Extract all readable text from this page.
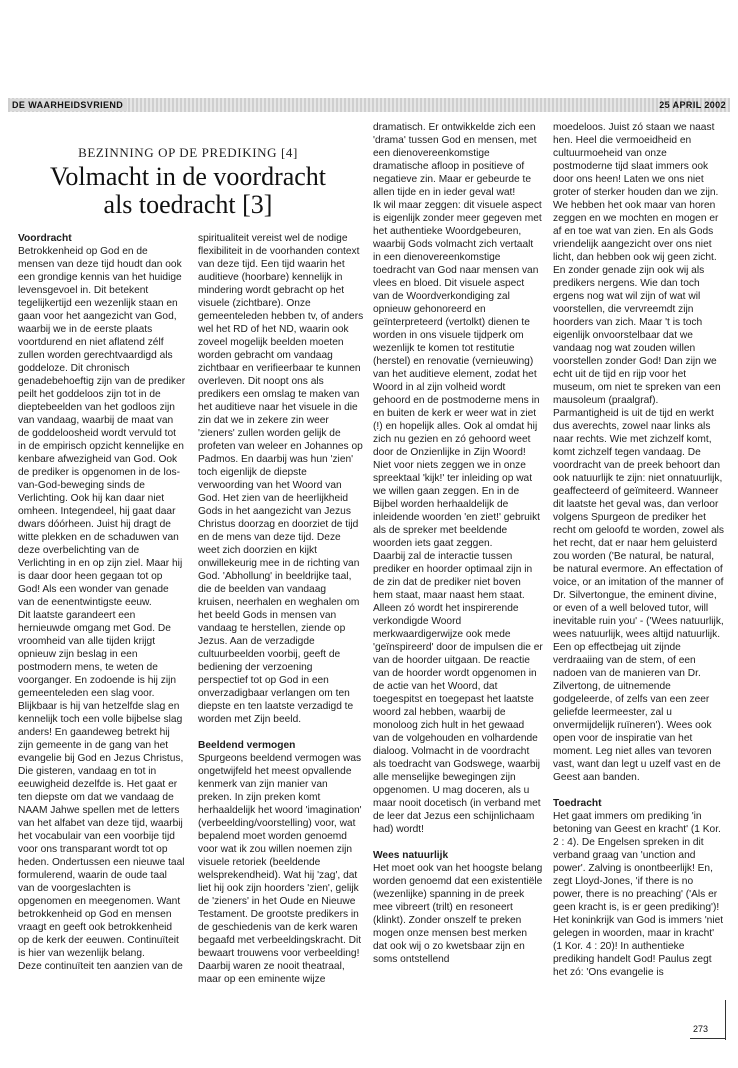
DE WAARHEIDSVRIEND	25 APRIL 2002
BEZINNING OP DE PREDIKING [4]
Volmacht in de voordracht
als toedracht [3]
Voordracht

Betrokkenheid op God en de mensen van deze tijd houdt dan ook een grondige kennis van het huidige levensgevoel in. Dit betekent tegelijkertijd een wezenlijk staan en gaan voor het aangezicht van God, waarbij we in de eerste plaats voortdurend en niet aflatend zélf zullen worden gerechtvaardigd als goddeloze. Dit chronisch genadebehoeftig zijn van de prediker peilt het goddeloos zijn tot in de dieptebeelden van het godloos zijn van vandaag, waarbij de maat van de goddeloosheid wordt vervuld tot in de empirisch opzicht kennelijke en kenbare afwezigheid van God. Ook de prediker is opgenomen in de los-van-God-beweging sinds de Verlichting. Ook hij kan daar niet omheen. Integendeel, hij gaat daar dwars dóórheen. Juist hij dragt de witte plekken en de schaduwen van deze overbelichting van de Verlichting in en op zijn ziel. Maar hij is daar door heen gegaan tot op God! Als een wonder van genade van de eenentwintigste eeuw.

Dit laatste garandeert een hernieuwde omgang met God. De vroomheid van alle tijden krijgt opnieuw zijn beslag in een postmodern mens, te weten de voorganger. En zodoende is hij zijn gemeenteleden een slag voor. Blijkbaar is hij van hetzelfde slag en kennelijk toch een volle bijbelse slag anders! En gaandeweg betrekt hij zijn gemeente in de gang van het evangelie bij God en Jezus Christus, Die gisteren, vandaag en tot in eeuwigheid dezelfde is. Het gaat er ten diepste om dat we vandaag de NAAM Jahwe spellen met de letters van het alfabet van deze tijd, waarbij het vocabulair van een voorbije tijd voor ons transparant wordt tot op heden. Ondertussen een nieuwe taal formulerend, waarin de oude taal van de voorgeslachten is opgenomen en meegenomen. Want betrokkenheid op God en mensen vraagt en geeft ook betrokkenheid op de kerk der eeuwen. Continuïteit is hier van wezenlijk belang.

Deze continuïteit ten aanzien van de

spiritualiteit vereist wel de nodige flexibiliteit in de voorhanden context van deze tijd. Een tijd waarin het auditieve (hoorbare) kennelijk in mindering wordt gebracht op het visuele (zichtbare). Onze gemeenteleden hebben tv, of anders wel het RD of het ND, waarin ook zoveel mogelijk beelden moeten worden gebracht om vandaag zichtbaar en verifieerbaar te kunnen overleven. Dit noopt ons als predikers een omslag te maken van het auditieve naar het visuele in die zin dat we in zekere zin weer 'zieners' zullen worden gelijk de profeten van weleer en Johannes op Padmos. En daarbij was hun 'zien' toch eigenlijk de diepste verwoording van het Woord van God. Het zien van de heerlijkheid Gods in het aangezicht van Jezus Christus doorzag en doorziet de tijd en de mens van deze tijd. Deze weet zich doorzien en kijkt onwillekeurig mee in de richting van God. 'Abhollung' in beeldrijke taal, die de beelden van vandaag kruisen, neerhalen en weghalen om het beeld Gods in mensen van vandaag te herstellen, ziende op Jezus. Aan de verzadigde cultuurbeelden voorbij, geeft de bediening der verzoening perspectief tot op God in een onverzadigbaar verlangen om ten diepste en ten laatste verzadigd te worden met Zijn beeld.

Beeldend vermogen

Spurgeons beeldend vermogen was ongetwijfeld het meest opvallende kenmerk van zijn manier van preken. In zijn preken komt herhaaldelijk het woord 'imagination' (verbeelding/voorstelling) voor, wat bepalend moet worden genoemd voor wat ik zou willen noemen zijn visuele retoriek (beeldende welsprekendheid). Wat hij 'zag', dat liet hij ook zijn hoorders 'zien', gelijk de 'zieners' in het Oude en Nieuwe Testament. De grootste predikers in de geschiedenis van de kerk waren begaafd met verbeeldingskracht. Dit bewaart trouwens voor verbeelding! Daarbij waren ze nooit theatraal, maar op een eminente wijze

dramatisch. Er ontwikkelde zich een 'drama' tussen God en mensen, met een dienovereenkomstige dramatische afloop in positieve of negatieve zin. Maar er gebeurde te allen tijde en in ieder geval wat!

Ik wil maar zeggen: dit visuele aspect is eigenlijk zonder meer gegeven met het authentieke Woordgebeuren, waarbij Gods volmacht zich vertaalt in een dienovereenkomstige toedracht van God naar mensen van vlees en bloed. Dit visuele aspect van de Woordverkondiging zal opnieuw gehonoreerd en geïnterpreteerd (vertolkt) dienen te worden in ons visuele tijdperk om wezenlijk te komen tot restitutie (herstel) en renovatie (vernieuwing) van het auditieve element, zodat het Woord in al zijn volheid wordt gehoord en de postmoderne mens in en buiten de kerk er weer wat in ziet (!) en hopelijk alles. Ook al omdat hij zich nu gezien en zó gehoord weet door de Onzienlijke in Zijn Woord! Niet voor niets zeggen we in onze spreektaal 'kijk!' ter inleiding op wat we willen gaan zeggen. En in de Bijbel worden herhaaldelijk de inleidende woorden 'en ziet!' gebruikt als de spreker met beeldende woorden iets gaat zeggen.

Daarbij zal de interactie tussen prediker en hoorder optimaal zijn in de zin dat de prediker niet boven hem staat, maar naast hem staat. Alleen zó wordt het inspirerende verkondigde Woord merkwaardigerwijze ook mede 'geïnspireerd' door de impulsen die er van de hoorder uitgaan. De reactie van de hoorder wordt opgenomen in de actie van het Woord, dat toegespitst en toegepast het laatste woord zal hebben, waarbij de monoloog zich hult in het gewaad van de volgehouden en volhardende dialoog. Volmacht in de voordracht als toedracht van Godswege, waarbij alle menselijke bewegingen zijn opgenomen. U mag doceren, als u maar nooit docetisch (in verband met de leer dat Jezus een schijnlichaam had) wordt!

Wees natuurlijk

Het moet ook van het hoogste belang worden genoemd dat een existentiële (wezenlijke) spanning in de preek mee vibreert (trilt) en resoneert (klinkt). Zonder onszelf te preken mogen onze mensen best merken dat ook wij o zo kwetsbaar zijn en soms ontstellend

moedeloos. Juist zó staan we naast hen. Heel die vermoeidheid en cultuurmoeheid van onze postmoderne tijd slaat immers ook door ons heen! Laten we ons niet groter of sterker houden dan we zijn. We hebben het ook maar van horen zeggen en we mochten en mogen er af en toe wat van zien. En als Gods vriendelijk aangezicht over ons niet licht, dan hebben ook wij geen zicht. En zonder genade zijn ook wij als predikers nergens. Wie dan toch ergens nog wat wil zijn of wat wil voorstellen, die vervreemdt zijn hoorders van zich. Maar 't is toch eigenlijk onvoorstelbaar dat we vandaag nog wat zouden willen voorstellen zonder God! Dan zijn we echt uit de tijd en rijp voor het museum, om niet te spreken van een mausoleum (praalgraf). Parmantigheid is uit de tijd en werkt dus averechts, zowel naar links als naar rechts. Wie met zichzelf komt, komt zichzelf tegen vandaag. De voordracht van de preek behoort dan ook natuurlijk te zijn: niet onnatuurlijk, geaffecteerd of geïmiteerd. Wanneer dit laatste het geval was, dan verloor volgens Spurgeon de prediker het recht om geloofd te worden, zowel als het recht, dat er naar hem geluisterd zou worden ('Be natural, be natural, be natural evermore. An effectation of voice, or an imitation of the manner of Dr. Silvertongue, the eminent divine, or even of a well beloved tutor, will inevitable ruin you' - ('Wees natuurlijk, wees natuurlijk, wees altijd natuurlijk. Een op effectbejag uit zijnde verdraaiing van de stem, of een nadoen van de manieren van Dr. Zilvertong, de uitnemende godgeleerde, of zelfs van een zeer geliefde leermeester, zal u onvermijdelijk ruïneren'). Wees ook open voor de inspiratie van het moment. Leg niet alles van tevoren vast, want dan legt u uzelf vast en de Geest aan banden.

Toedracht

Het gaat immers om prediking 'in betoning van Geest en kracht' (1 Kor. 2 : 4). De Engelsen spreken in dit verband graag van 'unction and power'. Zalving is onontbeerlijk! En, zegt Lloyd-Jones, 'if there is no power, there is no preaching' ('Als er geen kracht is, is er geen prediking')! Het koninkrijk van God is immers 'niet gelegen in woorden, maar in kracht' (1 Kor. 4 : 20)! In authentieke prediking handelt God! Paulus zegt het zó: 'Ons evangelie is

273
